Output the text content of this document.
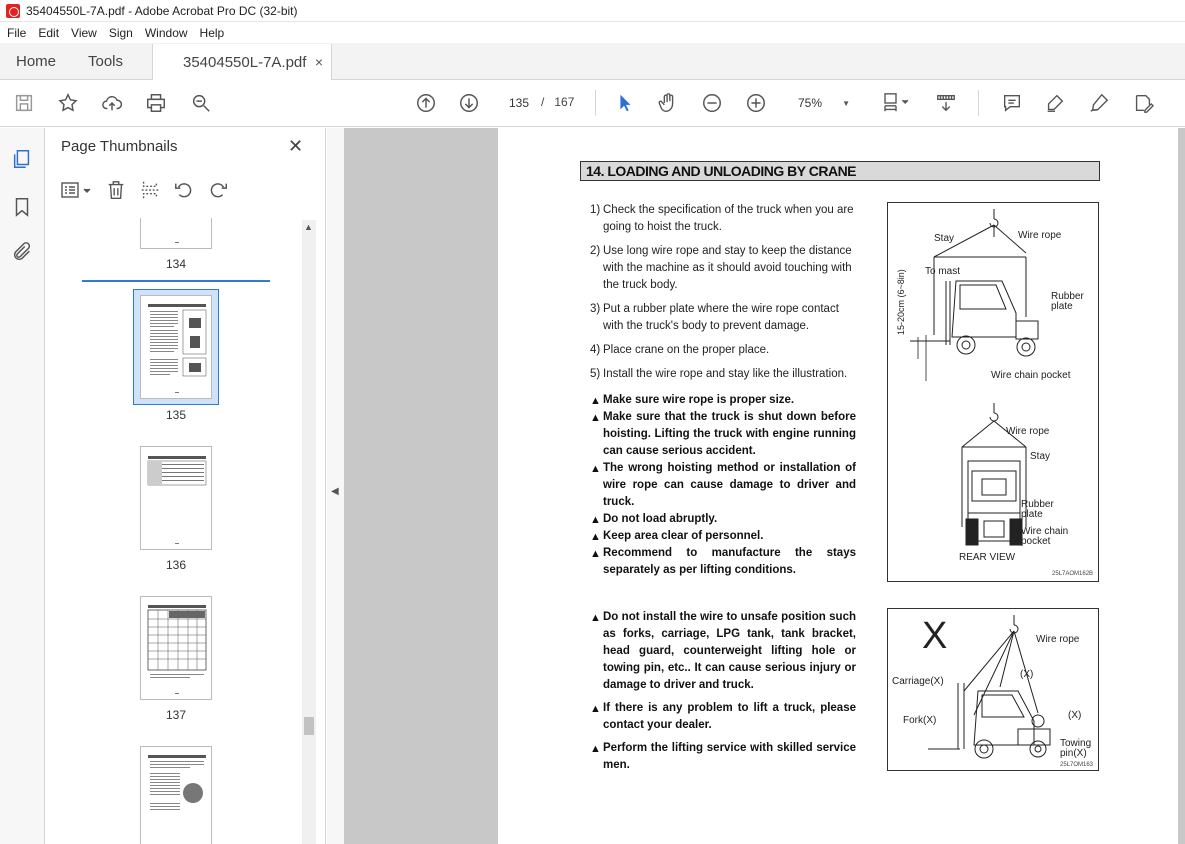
35404550L-7A.pdf - Adobe Acrobat Pro DC (32-bit)
File	Edit	View	Sign	Window	Help
Home Tools	35404550L-7A.pdf ×
135 / 167	75%	▼
Page Thumbnails	✕
134
135
136
137
▲
◀
14. LOADING AND UNLOADING BY CRANE
1) Check the specification of the truck when you are going to hoist the truck.
2) Use long wire rope and stay to keep the distance with the machine as it should avoid touching with the truck body.
3) Put a rubber plate where the wire rope contact with the truck's body to prevent damage.
4) Place crane on the proper place.
5) Install the wire rope and stay like the illustration.
▲ Make sure wire rope is proper size.
▲ Make sure that the truck is shut down before hoisting. Lifting the truck with engine running can cause serious accident.
▲ The wrong hoisting method or installation of wire rope can cause damage to driver and truck.
▲ Do not load abruptly.
▲ Keep area clear of personnel.
▲ Recommend to manufacture the stays separately as per lifting conditions.
▲ Do not install the wire to unsafe position such as forks, carriage, LPG tank, tank bracket, head guard, counterweight lifting hole or towing pin, etc.. It can cause serious injury or damage to driver and truck.
▲ If there is any problem to lift a truck, please contact your dealer.
▲ Perform the lifting service with skilled service men.
Stay	Wire rope
To mast
15-20cm (6~8in)	Rubber plate
Wire chain pocket
Wire rope
Stay
Rubber plate
Wire chain pocket
REAR VIEW
25L7AOM162B
X	Wire rope
Carriage(X)
(X)
Fork(X)	(X)
Towing pin(X)
25L7OM163
